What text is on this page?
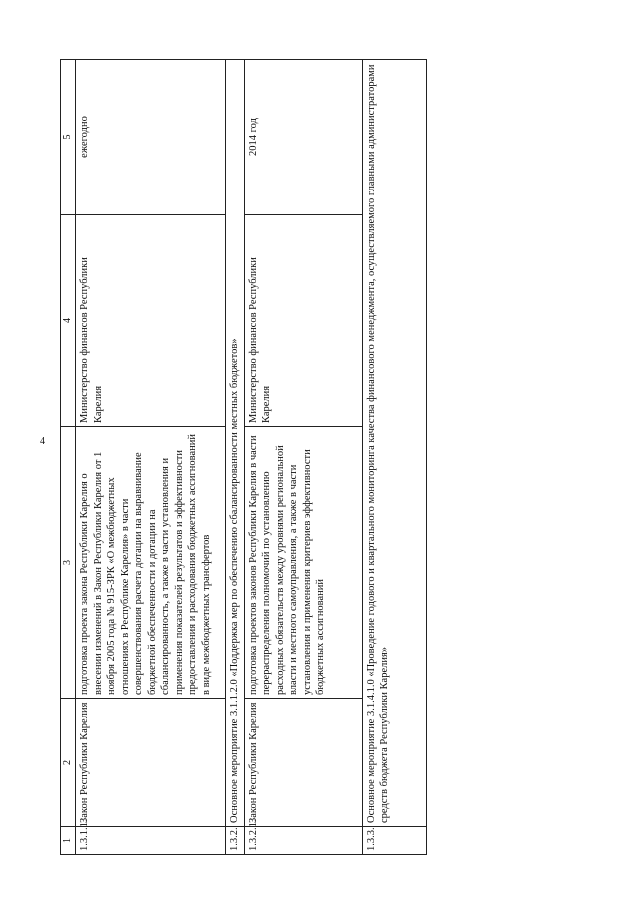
4
1	2	3	4	5
1.3.1.1.	Закон Республики Карелия	подготовка проекта закона Республики Карелия о внесении изменений в Закон Республики Карелия от 1 ноября 2005 года № 915-ЗРК «О межбюджетных отношениях в Республике Карелия» в части совершенствования расчета дотации на выравнивание бюджетной обеспеченности и дотации на сбалансированность, а также в части установления и применения показателей результатов и эффективности предоставления и расходования бюджетных ассигнований в виде межбюджетных трансфертов	Министерство финансов Республики Карелия	ежегодно
1.3.2.	Основное мероприятие 3.1.1.2.0 «Поддержка мер по обеспечению сбалансированности местных бюджетов»			
1.3.2.1.	Закон Республики Карелия	подготовка проектов законов Республики Карелия в части перераспределения полномочий по установлению расходных обязательств между уровнями региональной власти и местного самоуправления, а также в части установления и применения критериев эффективности бюджетных ассигнований	Министерство финансов Республики Карелия	2014 год
1.3.3.	Основное мероприятие 3.1.4.1.0 «Проведение годового и квартального мониторинга качества финансового менеджмента, осуществляемого главными администраторами средств бюджета Республики Карелия»			
